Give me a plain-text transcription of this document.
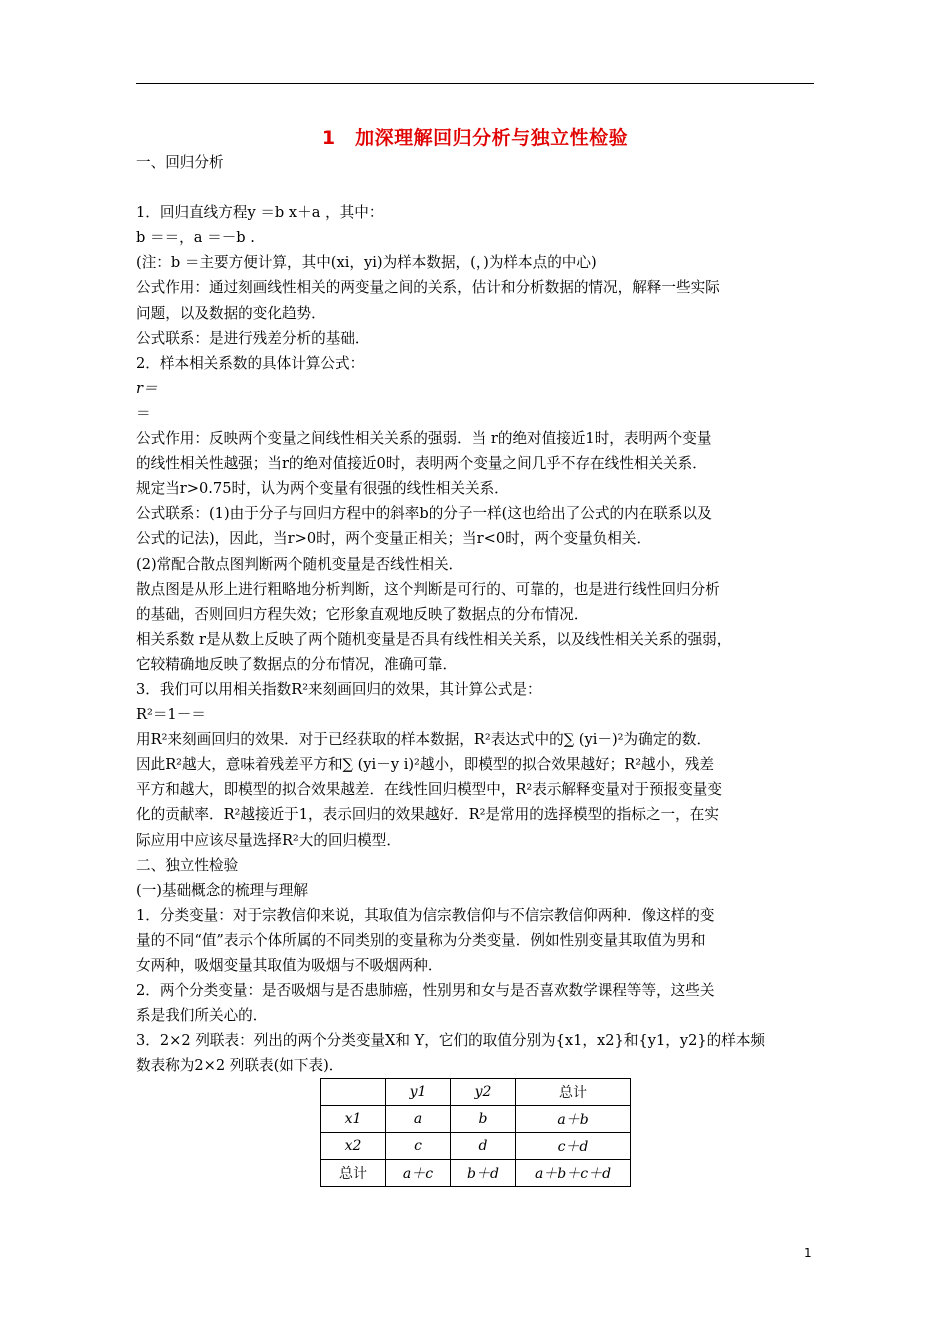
1　加深理解回归分析与独立性检验
一、回归分析

1．回归直线方程y ＝b x＋a ，其中：
b ＝＝，a ＝－b .
(注：b ＝主要方便计算，其中(xi，yi)为样本数据，(，)为样本点的中心)
公式作用：通过刻画线性相关的两变量之间的关系，估计和分析数据的情况，解释一些实际
问题，以及数据的变化趋势．
公式联系：是进行残差分析的基础．
2．样本相关系数的具体计算公式：
r＝
＝
公式作用：反映两个变量之间线性相关关系的强弱．当 r的绝对值接近1时，表明两个变量
的线性相关性越强；当r的绝对值接近0时，表明两个变量之间几乎不存在线性相关关系．
规定当r>0.75时，认为两个变量有很强的线性相关关系．
公式联系：(1)由于分子与回归方程中的斜率b的分子一样(这也给出了公式的内在联系以及
公式的记法)，因此，当r>0时，两个变量正相关；当r<0时，两个变量负相关．
(2)常配合散点图判断两个随机变量是否线性相关．
散点图是从形上进行粗略地分析判断，这个判断是可行的、可靠的，也是进行线性回归分析
的基础，否则回归方程失效；它形象直观地反映了数据点的分布情况．
相关系数 r是从数上反映了两个随机变量是否具有线性相关关系，以及线性相关关系的强弱，
它较精确地反映了数据点的分布情况，准确可靠．
3．我们可以用相关指数R²来刻画回归的效果，其计算公式是：
R²＝1－＝
用R²来刻画回归的效果．对于已经获取的样本数据，R²表达式中的∑ (yi－)²为确定的数．
因此R²越大，意味着残差平方和∑ (yi－y i)²越小，即模型的拟合效果越好；R²越小，残差
平方和越大，即模型的拟合效果越差．在线性回归模型中，R²表示解释变量对于预报变量变
化的贡献率．R²越接近于1，表示回归的效果越好．R²是常用的选择模型的指标之一，在实
际应用中应该尽量选择R²大的回归模型．
二、独立性检验
(一)基础概念的梳理与理解
1．分类变量：对于宗教信仰来说，其取值为信宗教信仰与不信宗教信仰两种．像这样的变
量的不同“值”表示个体所属的不同类别的变量称为分类变量．例如性别变量其取值为男和
女两种，吸烟变量其取值为吸烟与不吸烟两种．
2．两个分类变量：是否吸烟与是否患肺癌，性别男和女与是否喜欢数学课程等等，这些关
系是我们所关心的．
3．2×2 列联表：列出的两个分类变量X和 Y，它们的取值分别为{x1，x2}和{y1，y2}的样本频
数表称为2×2 列联表(如下表)．
	y1	y2	总计
x1	a	b	a＋b
x2	c	d	c＋d
总计	a＋c	b＋d	a＋b＋c＋d
1
